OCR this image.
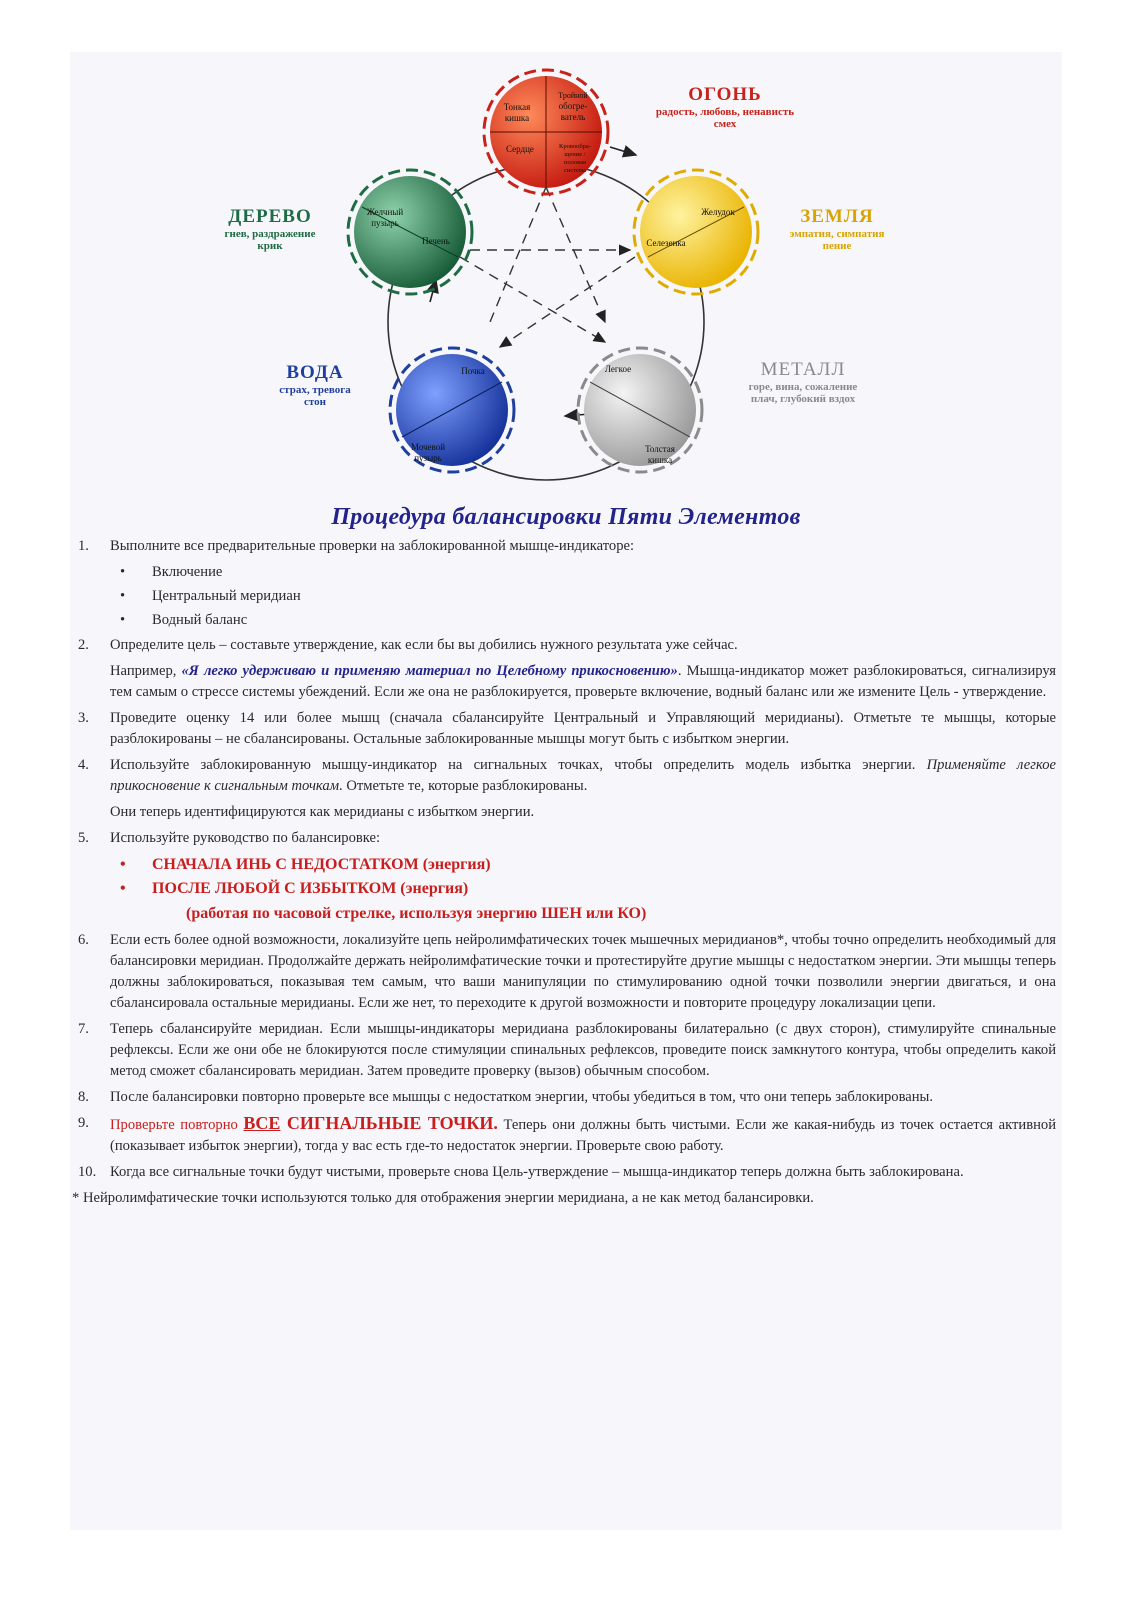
Тонкая
кишка
Тройной
обогре-
ватель
Сердце	Кровообра-
щение /
половая
система
Желудок
Селезенка
Легкое
Толстая
кишка
Почка
Мочевой
пузырь
Желчный
пузырь
Печень
ОГОНЬ
радость, любовь, ненависть
смех
ЗЕМЛЯ
эмпатия, симпатия
пение
МЕТАЛЛ
горе, вина, сожаление
плач, глубокий вздох
ВОДА
страх, тревога
стон
ДЕРЕВО
гнев, раздражение
крик
Процедура балансировки Пяти Элементов
1. Выполните все предварительные проверки на заблокированной мышце-индикаторе:
• Включение
• Центральный меридиан
• Водный баланс
2. Определите цель – составьте утверждение, как если бы вы добились нужного результата уже сейчас.
Например, «Я легко удерживаю и применяю материал по Целебному прикосновению». Мышца-индикатор может разблокироваться, сигнализируя тем самым о стрессе системы убеждений. Если же она не разблокируется, проверьте включение, водный баланс или же измените Цель - утверждение.
3. Проведите оценку 14 или более мышц (сначала сбалансируйте Центральный и Управляющий меридианы). Отметьте те мышцы, которые разблокированы – не сбалансированы. Остальные заблокированные мышцы могут быть с избытком энергии.
4. Используйте заблокированную мышцу-индикатор на сигнальных точках, чтобы определить модель избытка энергии. Применяйте легкое прикосновение к сигнальным точкам. Отметьте те, которые разблокированы.
Они теперь идентифицируются как меридианы с избытком энергии.
5. Используйте руководство по балансировке:
• СНАЧАЛА ИНЬ С НЕДОСТАТКОМ (энергия)
• ПОСЛЕ ЛЮБОЙ С ИЗБЫТКОМ (энергия)
(работая по часовой стрелке, используя энергию ШЕН или КО)
6. Если есть более одной возможности, локализуйте цепь нейролимфатических точек мышечных меридианов*, чтобы точно определить необходимый для балансировки меридиан. Продолжайте держать нейролимфатические точки и протестируйте другие мышцы с недостатком энергии. Эти мышцы теперь должны заблокироваться, показывая тем самым, что ваши манипуляции по стимулированию одной точки позволили энергии двигаться, и она сбалансировала остальные меридианы. Если же нет, то переходите к другой возможности и повторите процедуру локализации цепи.
7. Теперь сбалансируйте меридиан. Если мышцы-индикаторы меридиана разблокированы билатерально (с двух сторон), стимулируйте спинальные рефлексы. Если же они обе не блокируются после стимуляции спинальных рефлексов, проведите поиск замкнутого контура, чтобы определить какой метод сможет сбалансировать меридиан. Затем проведите проверку (вызов) обычным способом.
8. После балансировки повторно проверьте все мышцы с недостатком энергии, чтобы убедиться в том, что они теперь заблокированы.
9. Проверьте повторно ВСЕ СИГНАЛЬНЫЕ ТОЧКИ. Теперь они должны быть чистыми. Если же какая-нибудь из точек остается активной (показывает избыток энергии), тогда у вас есть где-то недостаток энергии. Проверьте свою работу.
10. Когда все сигнальные точки будут чистыми, проверьте снова Цель-утверждение – мышца-индикатор теперь должна быть заблокирована.
* Нейролимфатические точки используются только для отображения энергии меридиана, а не как метод балансировки.
